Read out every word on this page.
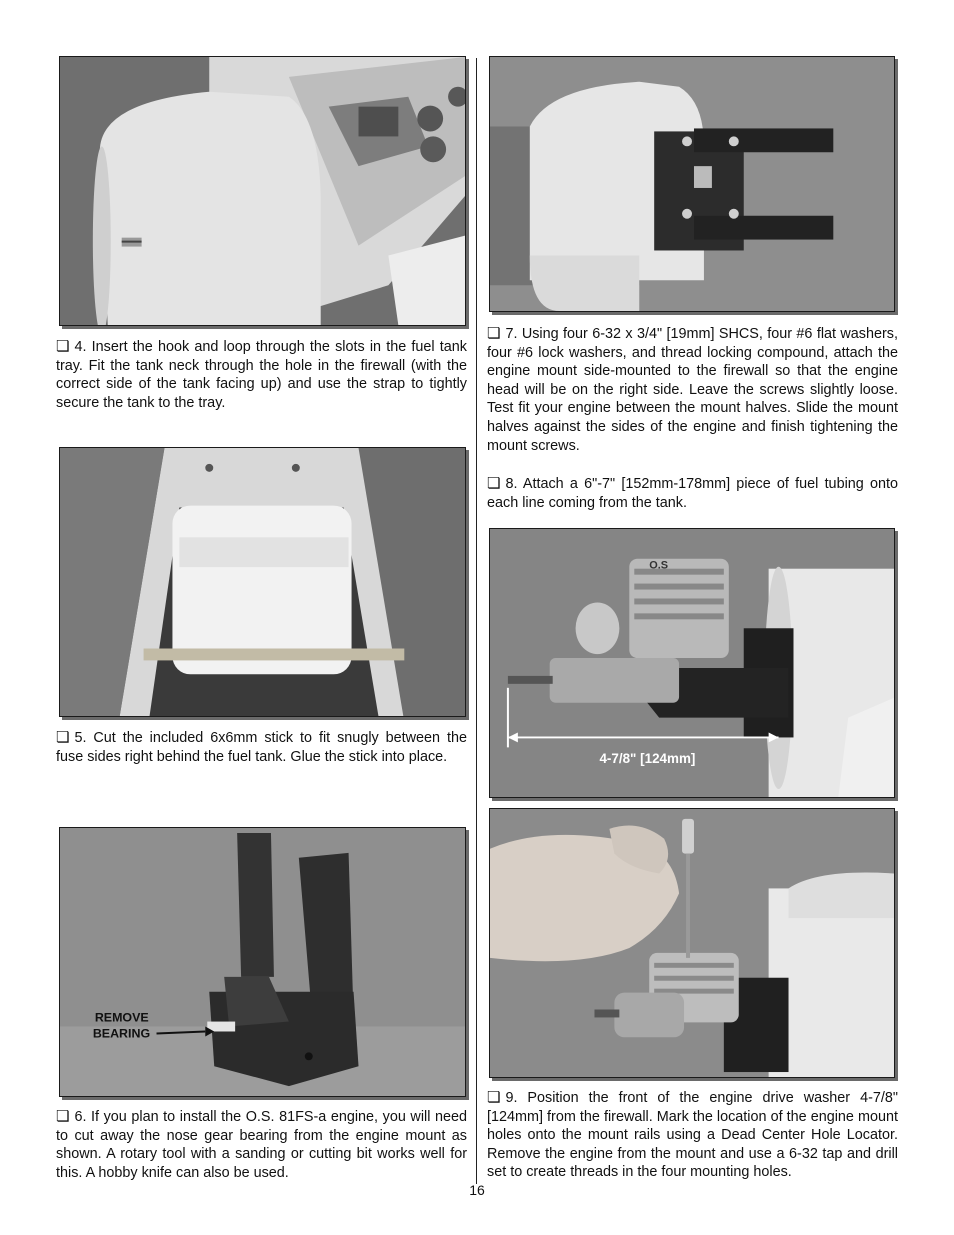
❏ 4. Insert the hook and loop through the slots in the fuel tank tray. Fit the tank neck through the hole in the firewall (with the correct side of the tank facing up) and use the strap to tightly secure the tank to the tray.

❏ 5. Cut the included 6x6mm stick to fit snugly between the fuse sides right behind the fuel tank. Glue the stick into place.

REMOVE
BEARING

❏ 6. If you plan to install the O.S. 81FS-a engine, you will need to cut away the nose gear bearing from the engine mount as shown. A rotary tool with a sanding or cutting bit works well for this. A hobby knife can also be used.

❏ 7. Using four 6-32 x 3/4" [19mm] SHCS, four #6 flat washers, four #6 lock washers, and thread locking compound, attach the engine mount side-mounted to the firewall so that the engine head will be on the right side. Leave the screws slightly loose. Test fit your engine between the mount halves. Slide the mount halves against the sides of the engine and finish tightening the mount screws.

❏ 8. Attach a 6"-7" [152mm-178mm] piece of fuel tubing onto each line coming from the tank.

O.S
4-7/8" [124mm]

❏ 9. Position the front of the engine drive washer 4-7/8" [124mm] from the firewall. Mark the location of the engine mount holes onto the mount rails using a Dead Center Hole Locator. Remove the engine from the mount and use a 6-32 tap and drill set to create threads in the four mounting holes.

16
